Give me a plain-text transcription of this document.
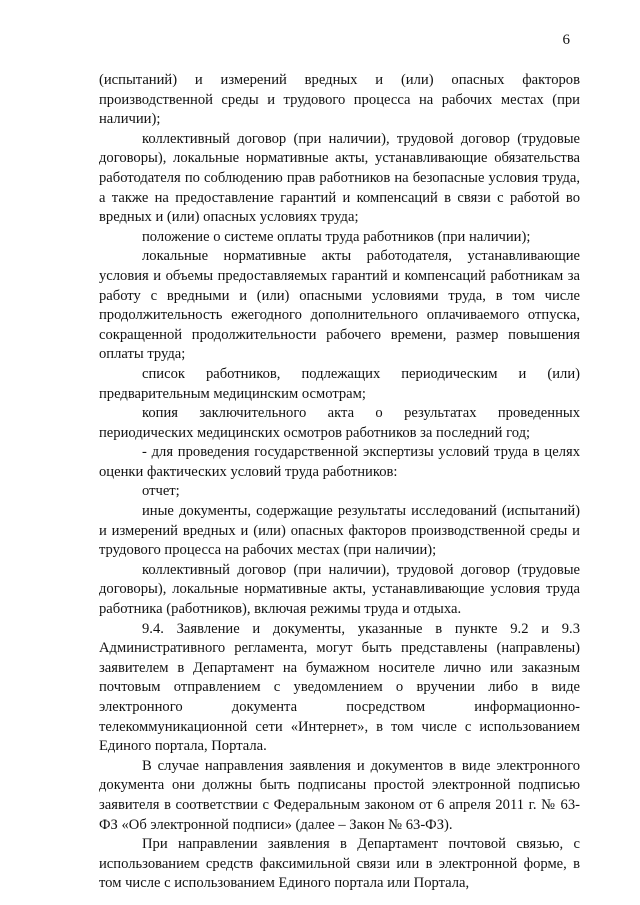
6

(испытаний) и измерений вредных и (или) опасных факторов производственной среды и трудового процесса на рабочих местах (при наличии);

коллективный договор (при наличии), трудовой договор (трудовые договоры), локальные нормативные акты, устанавливающие обязательства работодателя по соблюдению прав работников на безопасные условия труда, а также на предоставление гарантий и компенсаций в связи с работой во вредных и (или) опасных условиях труда;

положение о системе оплаты труда работников (при наличии);

локальные нормативные акты работодателя, устанавливающие условия и объемы предоставляемых гарантий и компенсаций работникам за работу с вредными и (или) опасными условиями труда, в том числе продолжительность ежегодного дополнительного оплачиваемого отпуска, сокращенной продолжительности рабочего времени, размер повышения оплаты труда;

список работников, подлежащих периодическим и (или) предварительным медицинским осмотрам;

копия заключительного акта о результатах проведенных периодических медицинских осмотров работников за последний год;

- для проведения государственной экспертизы условий труда в целях оценки фактических условий труда работников:

отчет;

иные документы, содержащие результаты исследований (испытаний) и измерений вредных и (или) опасных факторов производственной среды и трудового процесса на рабочих местах (при наличии);

коллективный договор (при наличии), трудовой договор (трудовые договоры), локальные нормативные акты, устанавливающие условия труда работника (работников), включая режимы труда и отдыха.

9.4. Заявление и документы, указанные в пункте 9.2 и 9.3 Административного регламента, могут быть представлены (направлены) заявителем в Департамент на бумажном носителе лично или заказным почтовым отправлением с уведомлением о вручении либо в виде электронного документа посредством информационно-телекоммуникационной сети «Интернет», в том числе с использованием Единого портала, Портала.

В случае направления заявления и документов в виде электронного документа они должны быть подписаны простой электронной подписью заявителя в соответствии с Федеральным законом от 6 апреля 2011 г. № 63-ФЗ «Об электронной подписи» (далее – Закон № 63-ФЗ).

При направлении заявления в Департамент почтовой связью, с использованием средств факсимильной связи или в электронной форме, в том числе с использованием Единого портала или Портала,
